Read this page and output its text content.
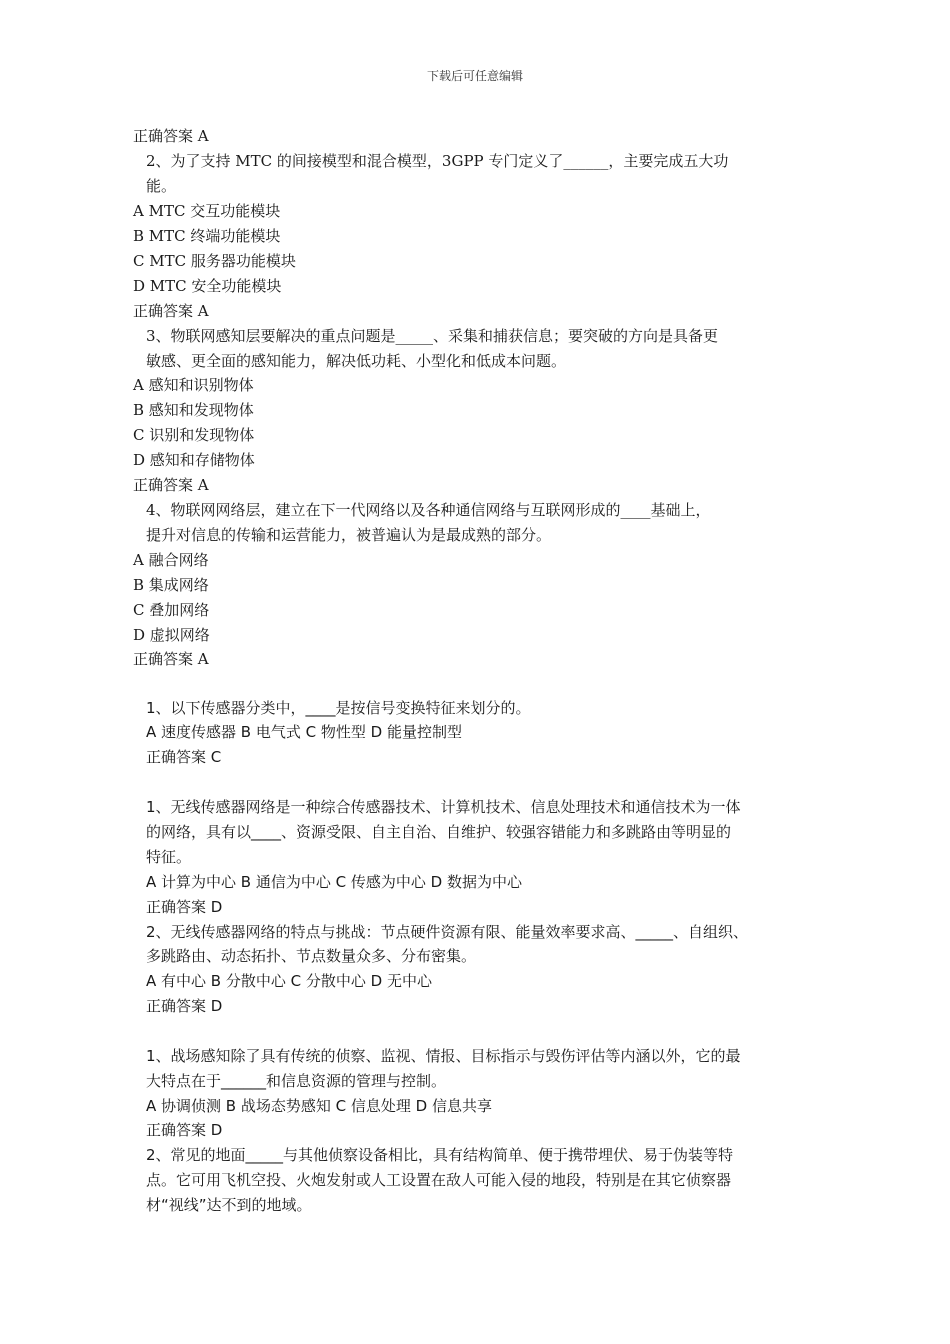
下载后可任意编辑
正确答案 A
2、为了支持 MTC 的间接模型和混合模型，3GPP 专门定义了______，主要完成五大功
能。
A MTC 交互功能模块
B MTC 终端功能模块
C MTC 服务器功能模块
D MTC 安全功能模块
正确答案 A
3、物联网感知层要解决的重点问题是_____、采集和捕获信息；要突破的方向是具备更
敏感、更全面的感知能力，解决低功耗、小型化和低成本问题。
A 感知和识别物体
B 感知和发现物体
C 识别和发现物体
D 感知和存储物体
正确答案 A
4、物联网网络层，建立在下一代网络以及各种通信网络与互联网形成的____基础上，
提升对信息的传输和运营能力，被普遍认为是最成熟的部分。
A 融合网络
B 集成网络
C 叠加网络
D 虚拟网络
正确答案 A
1、以下传感器分类中，____是按信号变换特征来划分的。
A 速度传感器 B 电气式 C 物性型 D 能量控制型
正确答案 C
1、无线传感器网络是一种综合传感器技术、计算机技术、信息处理技术和通信技术为一体
的网络，具有以____、资源受限、自主自治、自维护、较强容错能力和多跳路由等明显的
特征。
A 计算为中心 B 通信为中心 C 传感为中心 D 数据为中心
正确答案 D
2、无线传感器网络的特点与挑战：节点硬件资源有限、能量效率要求高、_____、自组织、
多跳路由、动态拓扑、节点数量众多、分布密集。
A 有中心 B 分散中心 C 分散中心 D 无中心
正确答案 D
1、战场感知除了具有传统的侦察、监视、情报、目标指示与毁伤评估等内涵以外，它的最
大特点在于______和信息资源的管理与控制。
A 协调侦测 B 战场态势感知 C 信息处理 D 信息共享
正确答案 D
2、常见的地面_____与其他侦察设备相比，具有结构简单、便于携带埋伏、易于伪装等特
点。它可用飞机空投、火炮发射或人工设置在敌人可能入侵的地段，特别是在其它侦察器
材“视线”达不到的地域。
